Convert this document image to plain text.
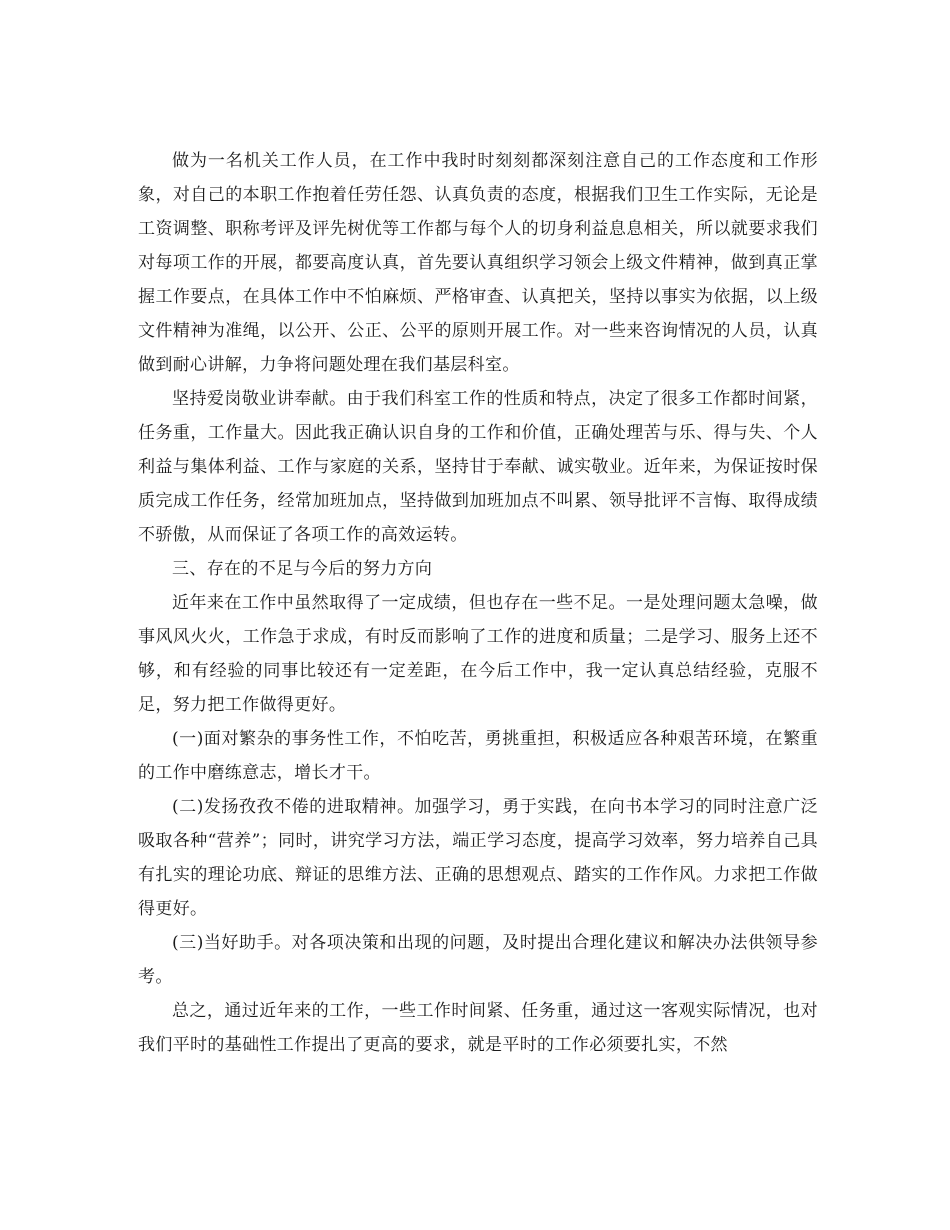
做为一名机关工作人员，在工作中我时时刻刻都深刻注意自己的工作态度和工作形象，对自己的本职工作抱着任劳任怨、认真负责的态度，根据我们卫生工作实际，无论是工资调整、职称考评及评先树优等工作都与每个人的切身利益息息相关，所以就要求我们对每项工作的开展，都要高度认真，首先要认真组织学习领会上级文件精神，做到真正掌握工作要点，在具体工作中不怕麻烦、严格审查、认真把关，坚持以事实为依据，以上级文件精神为准绳，以公开、公正、公平的原则开展工作。对一些来咨询情况的人员，认真做到耐心讲解，力争将问题处理在我们基层科室。

坚持爱岗敬业讲奉献。由于我们科室工作的性质和特点，决定了很多工作都时间紧，任务重，工作量大。因此我正确认识自身的工作和价值，正确处理苦与乐、得与失、个人利益与集体利益、工作与家庭的关系，坚持甘于奉献、诚实敬业。近年来，为保证按时保质完成工作任务，经常加班加点，坚持做到加班加点不叫累、领导批评不言悔、取得成绩不骄傲，从而保证了各项工作的高效运转。

三、存在的不足与今后的努力方向

近年来在工作中虽然取得了一定成绩，但也存在一些不足。一是处理问题太急噪，做事风风火火，工作急于求成，有时反而影响了工作的进度和质量；二是学习、服务上还不够，和有经验的同事比较还有一定差距，在今后工作中，我一定认真总结经验，克服不足，努力把工作做得更好。

(一)面对繁杂的事务性工作，不怕吃苦，勇挑重担，积极适应各种艰苦环境，在繁重的工作中磨练意志，增长才干。

(二)发扬孜孜不倦的进取精神。加强学习，勇于实践，在向书本学习的同时注意广泛吸取各种“营养”；同时，讲究学习方法，端正学习态度，提高学习效率，努力培养自己具有扎实的理论功底、辩证的思维方法、正确的思想观点、踏实的工作作风。力求把工作做得更好。

(三)当好助手。对各项决策和出现的问题，及时提出合理化建议和解决办法供领导参考。

总之，通过近年来的工作，一些工作时间紧、任务重，通过这一客观实际情况，也对我们平时的基础性工作提出了更高的要求，就是平时的工作必须要扎实，不然
